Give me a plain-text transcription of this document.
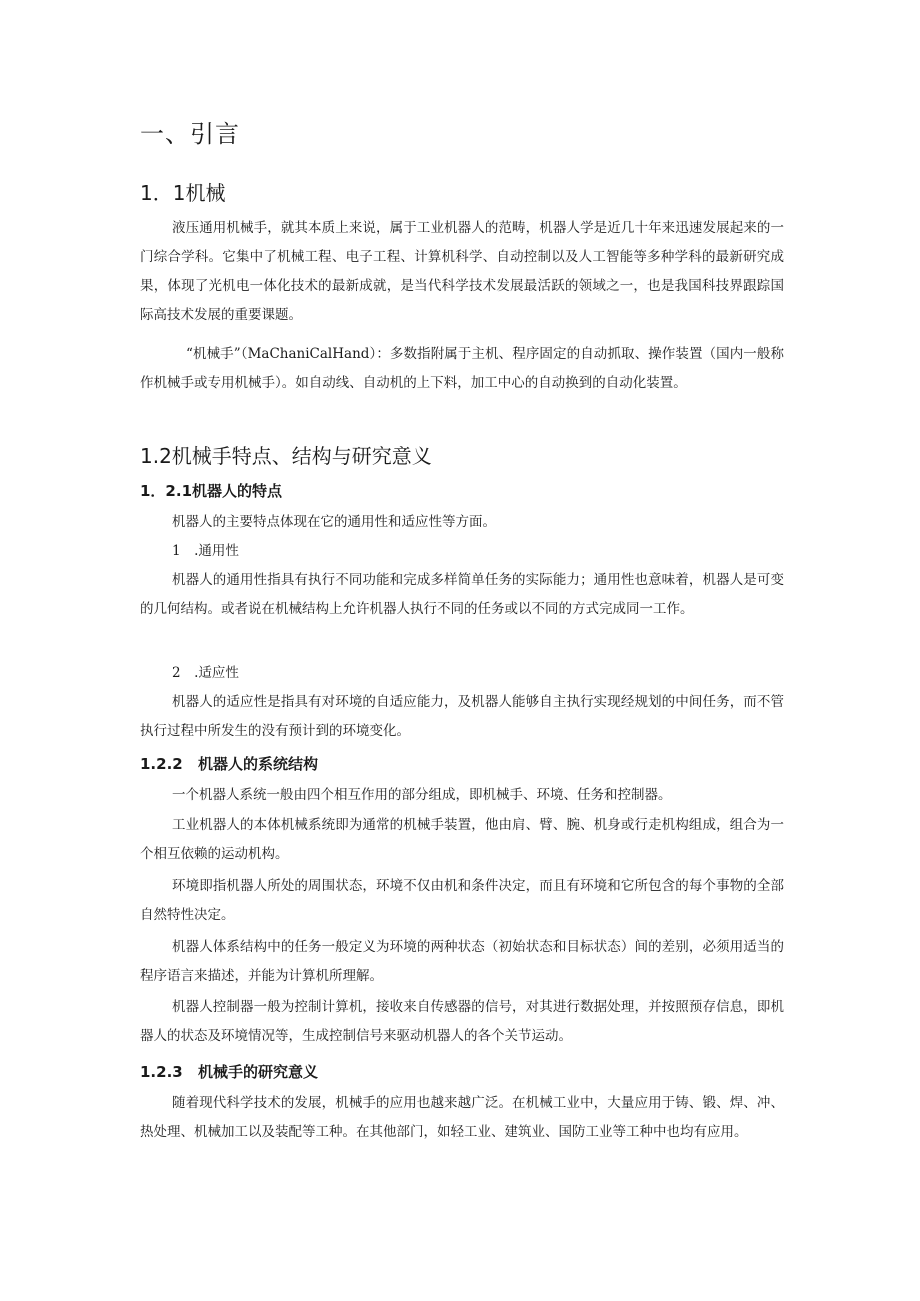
一、引言
1．1机械

液压通用机械手，就其本质上来说，属于工业机器人的范畴，机器人学是近几十年来迅速发展起来的一门综合学科。它集中了机械工程、电子工程、计算机科学、自动控制以及人工智能等多种学科的最新研究成果，体现了光机电一体化技术的最新成就，是当代科学技术发展最活跃的领域之一，也是我国科技界跟踪国际高技术发展的重要课题。

“机械手”（MaChaniCalHand）：多数指附属于主机、程序固定的自动抓取、操作装置（国内一般称作机械手或专用机械手）。如自动线、自动机的上下料，加工中心的自动换到的自动化装置。

1.2机械手特点、结构与研究意义
1．2.1机器人的特点

机器人的主要特点体现在它的通用性和适应性等方面。

1　.通用性

机器人的通用性指具有执行不同功能和完成多样简单任务的实际能力；通用性也意味着，机器人是可变的几何结构。或者说在机械结构上允许机器人执行不同的任务或以不同的方式完成同一工作。

2　.适应性

机器人的适应性是指具有对环境的自适应能力，及机器人能够自主执行实现经规划的中间任务，而不管执行过程中所发生的没有预计到的环境变化。

1.2.2 机器人的系统结构

一个机器人系统一般由四个相互作用的部分组成，即机械手、环境、任务和控制器。

工业机器人的本体机械系统即为通常的机械手装置，他由肩、臂、腕、机身或行走机构组成，组合为一个相互依赖的运动机构。

环境即指机器人所处的周围状态，环境不仅由机和条件决定，而且有环境和它所包含的每个事物的全部自然特性决定。

机器人体系结构中的任务一般定义为环境的两种状态（初始状态和目标状态）间的差别，必须用适当的程序语言来描述，并能为计算机所理解。

机器人控制器一般为控制计算机，接收来自传感器的信号，对其进行数据处理，并按照预存信息，即机器人的状态及环境情况等，生成控制信号来驱动机器人的各个关节运动。

1.2.3 机械手的研究意义

随着现代科学技术的发展，机械手的应用也越来越广泛。在机械工业中，大量应用于铸、锻、焊、冲、热处理、机械加工以及装配等工种。在其他部门，如轻工业、建筑业、国防工业等工种中也均有应用。
